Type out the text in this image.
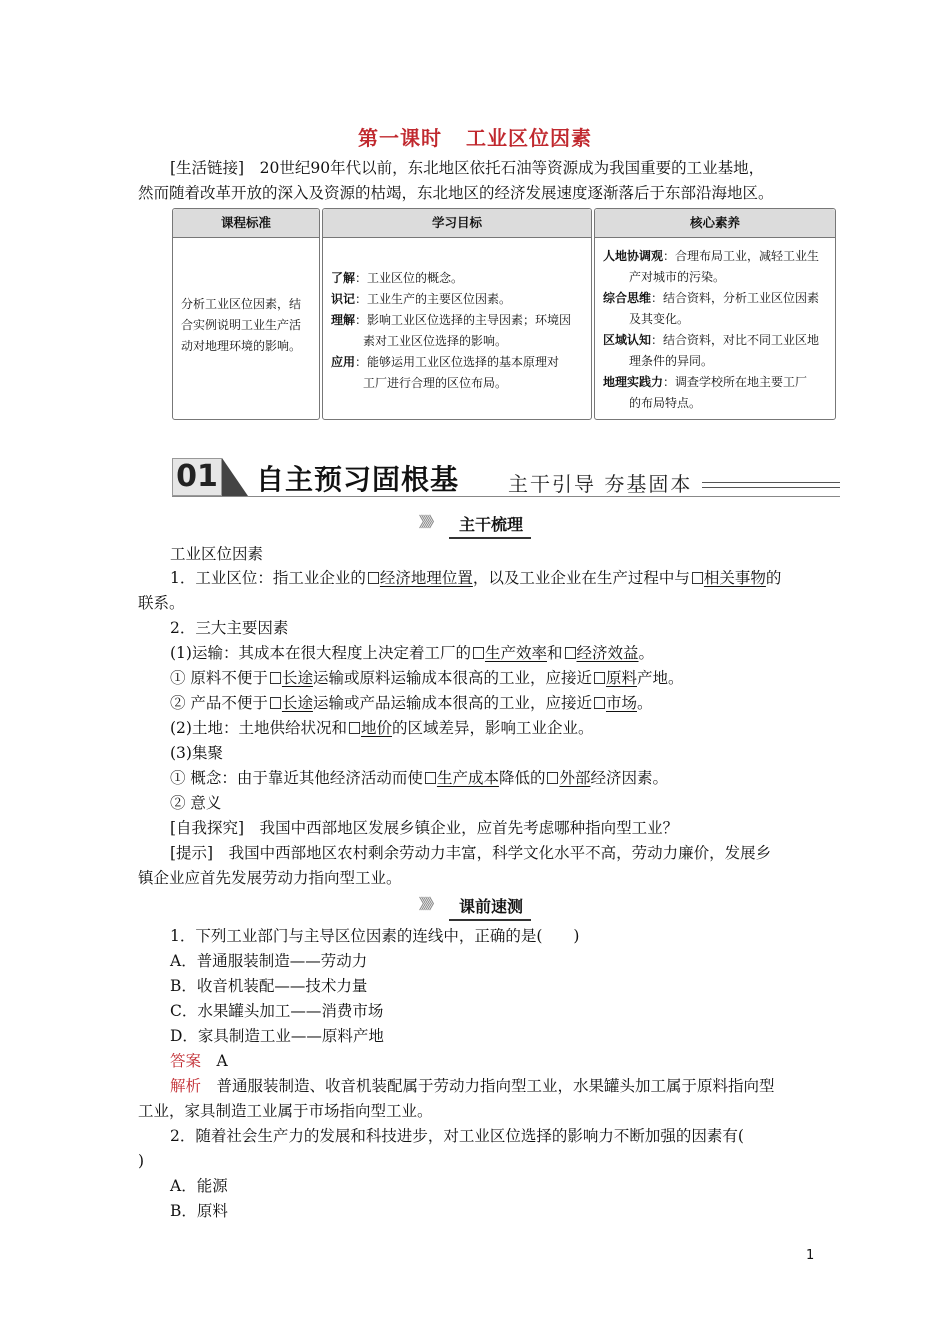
第一课时 工业区位因素
[生活链接]　 20世纪90年代以前，东北地区依托石油等资源成为我国重要的工业基地，
然而随着改革开放的深入及资源的枯竭，东北地区的经济发展速度逐渐落后于东部沿海地区。
课程标准
分析工业区位因素，结
合实例说明工业生产活
动对地理环境的影响。
学习目标
了解：工业区位的概念。
识记：工业生产的主要区位因素。
理解：影响工业区位选择的主导因素；环境因
素对工业区位选择的影响。
应用：能够运用工业区位选择的基本原理对
工厂进行合理的区位布局。
核心素养
人地协调观：合理布局工业，减轻工业生
产对城市的污染。
综合思维：结合资料，分析工业区位因素
及其变化。
区域认知：结合资料，对比不同工业区地
理条件的异同。
地理实践力：调查学校所在地主要工厂
的布局特点。
01 自主预习固根基 主干引导 夯基固本
》》》 主干梳理
工业区位因素
1．工业区位：指工业企业的 经济地理位置，以及工业企业在生产过程中与 相关事物的
联系。
2．三大主要因素
(1)运输：其成本在很大程度上决定着工厂的 生产效率和 经济效益。
① 原料不便于 长途运输或原料运输成本很高的工业，应接近 原料产地。
② 产品不便于 长途运输或产品运输成本很高的工业，应接近 市场。
(2)土地：土地供给状况和 地价的区域差异，影响工业企业。
(3)集聚
① 概念：由于靠近其他经济活动而使 生产成本降低的 外部经济因素。
② 意义
[自我探究]　 我国中西部地区发展乡镇企业，应首先考虑哪种指向型工业？
[提示]　 我国中西部地区农村剩余劳动力丰富，科学文化水平不高，劳动力廉价，发展乡
镇企业应首先发展劳动力指向型工业。
》》》 课前速测
1．下列工业部门与主导区位因素的连线中，正确的是(　　)
A．普通服装制造——劳动力
B．收音机装配——技术力量
C．水果罐头加工——消费市场
D．家具制造工业——原料产地
答案　 A
解析　 普通服装制造、收音机装配属于劳动力指向型工业，水果罐头加工属于原料指向型
工业，家具制造工业属于市场指向型工业。
2．随着社会生产力的发展和科技进步，对工业区位选择的影响力不断加强的因素有(
)
A．能源
B．原料
1
